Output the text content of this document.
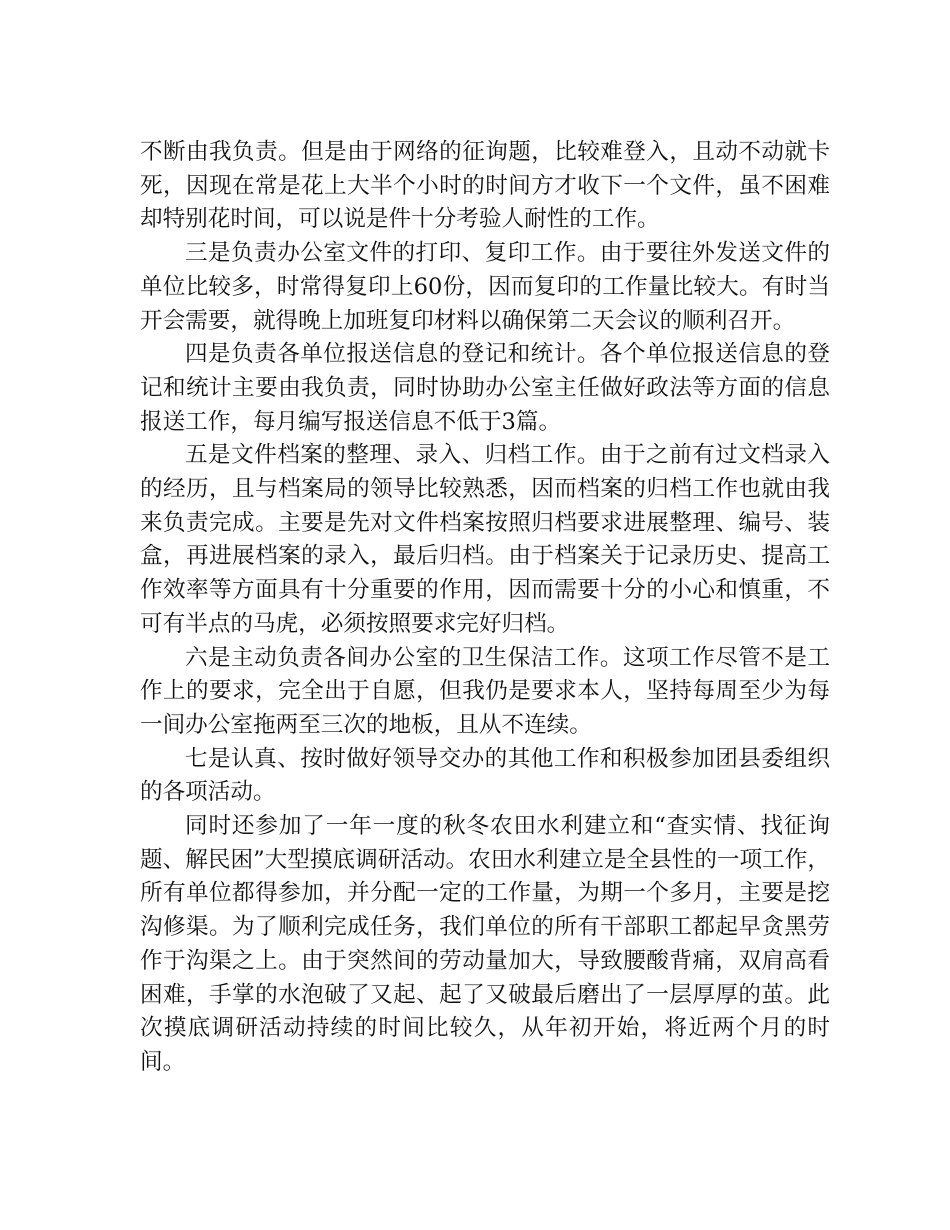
不断由我负责。但是由于网络的征询题，比较难登入，且动不动就卡死，因现在常是花上大半个小时的时间方才收下一个文件，虽不困难却特别花时间，可以说是件十分考验人耐性的工作。

三是负责办公室文件的打印、复印工作。由于要往外发送文件的单位比较多，时常得复印上60份，因而复印的工作量比较大。有时当开会需要，就得晚上加班复印材料以确保第二天会议的顺利召开。

四是负责各单位报送信息的登记和统计。各个单位报送信息的登记和统计主要由我负责，同时协助办公室主任做好政法等方面的信息报送工作，每月编写报送信息不低于3篇。

五是文件档案的整理、录入、归档工作。由于之前有过文档录入的经历，且与档案局的领导比较熟悉，因而档案的归档工作也就由我来负责完成。主要是先对文件档案按照归档要求进展整理、编号、装盒，再进展档案的录入，最后归档。由于档案关于记录历史、提高工作效率等方面具有十分重要的作用，因而需要十分的小心和慎重，不可有半点的马虎，必须按照要求完好归档。

六是主动负责各间办公室的卫生保洁工作。这项工作尽管不是工作上的要求，完全出于自愿，但我仍是要求本人，坚持每周至少为每一间办公室拖两至三次的地板，且从不连续。

七是认真、按时做好领导交办的其他工作和积极参加团县委组织的各项活动。

同时还参加了一年一度的秋冬农田水利建立和“查实情、找征询题、解民困”大型摸底调研活动。农田水利建立是全县性的一项工作，所有单位都得参加，并分配一定的工作量，为期一个多月，主要是挖沟修渠。为了顺利完成任务，我们单位的所有干部职工都起早贪黑劳作于沟渠之上。由于突然间的劳动量加大，导致腰酸背痛，双肩高看困难，手掌的水泡破了又起、起了又破最后磨出了一层厚厚的茧。此次摸底调研活动持续的时间比较久，从年初开始，将近两个月的时间。
